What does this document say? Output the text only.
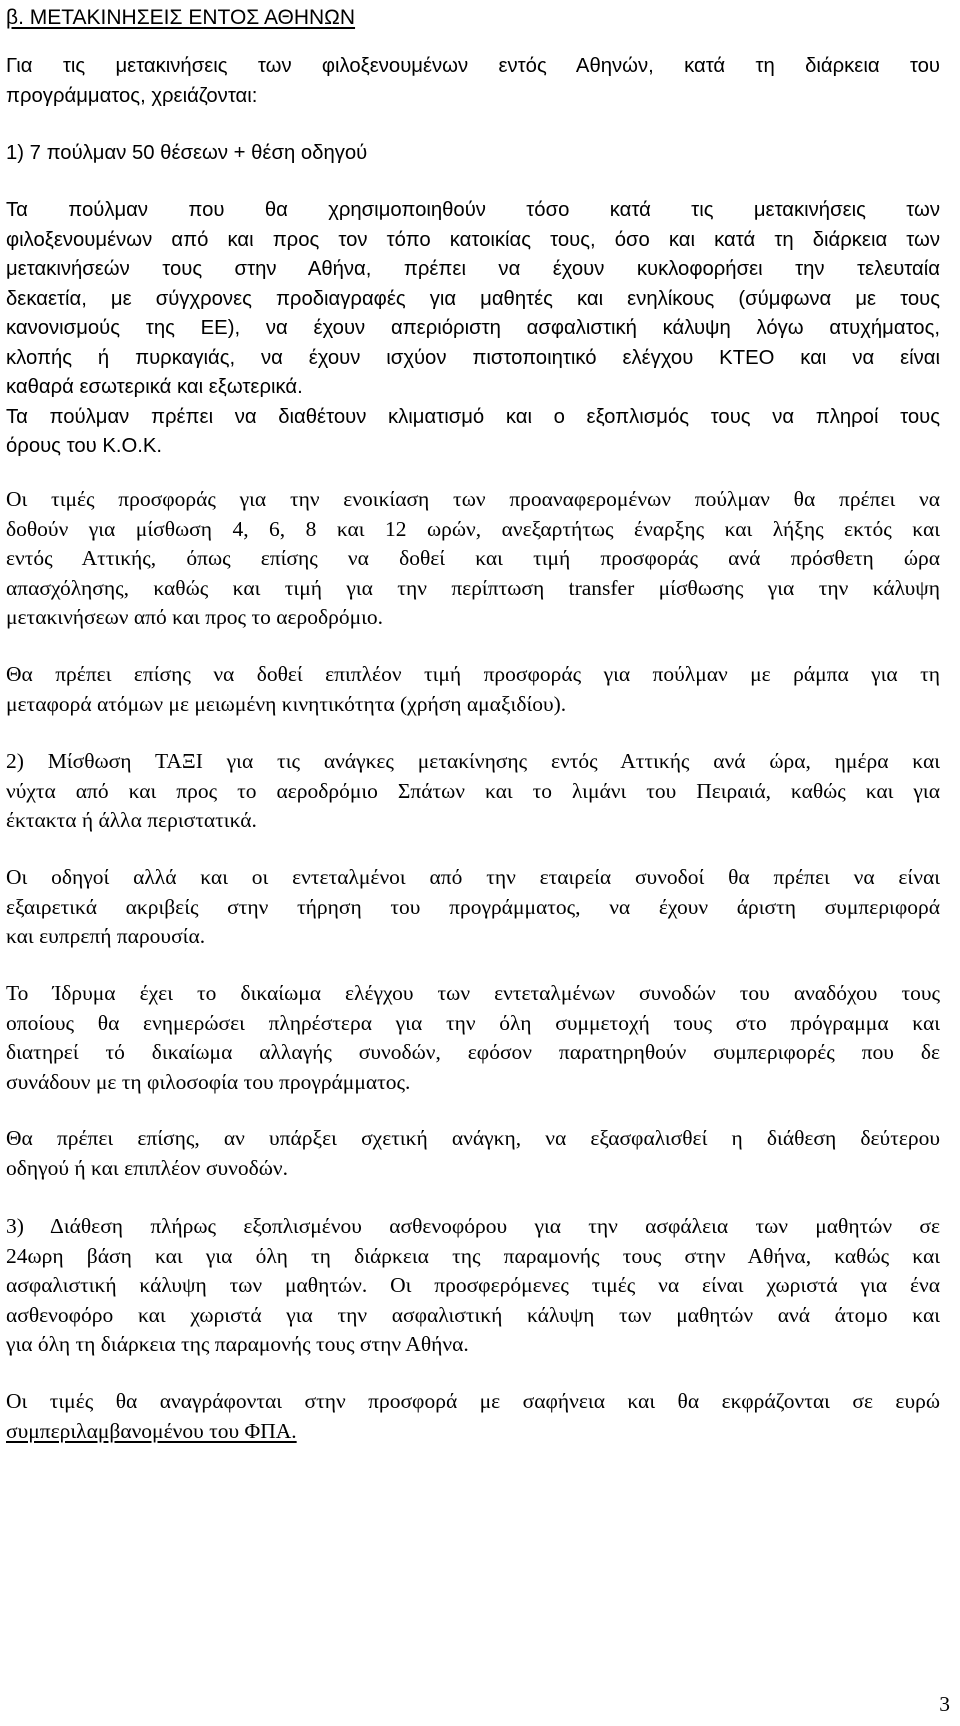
β. ΜΕΤΑΚΙΝΗΣΕΙΣ ΕΝΤΟΣ ΑΘΗΝΩΝ
Για τις μετακινήσεις των φιλοξενουμένων εντός Αθηνών, κατά τη διάρκεια του
προγράμματος, χρειάζονται:
1) 7 πούλμαν 50 θέσεων + θέση οδηγού
Τα πούλμαν που θα χρησιμοποιηθούν τόσο κατά τις μετακινήσεις των
φιλοξενουμένων από και προς τον τόπο κατοικίας τους, όσο και κατά τη διάρκεια των
μετακινήσεών τους στην Αθήνα, πρέπει να έχουν κυκλοφορήσει την τελευταία
δεκαετία, με σύγχρονες προδιαγραφές για μαθητές και ενηλίκους (σύμφωνα με τους
κανονισμούς της ΕΕ), να έχουν απεριόριστη ασφαλιστική κάλυψη λόγω ατυχήματος,
κλοπής ή πυρκαγιάς, να έχουν ισχύον πιστοποιητικό ελέγχου ΚΤΕΟ και να είναι
καθαρά εσωτερικά και εξωτερικά.
Τα πούλμαν πρέπει να διαθέτουν κλιματισμό και ο εξοπλισμός τους να πληροί τους
όρους του Κ.Ο.Κ.
Οι τιμές προσφοράς για την ενοικίαση των προαναφερομένων πούλμαν θα πρέπει να
δοθούν για μίσθωση 4, 6, 8 και 12 ωρών, ανεξαρτήτως έναρξης και λήξης εκτός και
εντός Αττικής, όπως επίσης να δοθεί και τιμή προσφοράς ανά πρόσθετη ώρα
απασχόλησης, καθώς και τιμή για την περίπτωση transfer μίσθωσης για την κάλυψη
μετακινήσεων από και προς το αεροδρόμιο.
Θα πρέπει επίσης να δοθεί επιπλέον τιμή προσφοράς για πούλμαν με ράμπα για τη
μεταφορά ατόμων με μειωμένη κινητικότητα (χρήση αμαξιδίου).
2) Μίσθωση ΤΑΞΙ για τις ανάγκες μετακίνησης εντός Αττικής ανά ώρα, ημέρα και
νύχτα από και προς το αεροδρόμιο Σπάτων και το λιμάνι του Πειραιά, καθώς και για
έκτακτα ή άλλα περιστατικά.
Οι οδηγοί αλλά και οι εντεταλμένοι από την εταιρεία συνοδοί θα πρέπει να είναι
εξαιρετικά ακριβείς στην τήρηση του προγράμματος, να έχουν άριστη συμπεριφορά
και ευπρεπή παρουσία.
Το Ίδρυμα έχει το δικαίωμα ελέγχου των εντεταλμένων συνοδών του αναδόχου τους
οποίους θα ενημερώσει πληρέστερα για την όλη συμμετοχή τους στο πρόγραμμα και
διατηρεί τό δικαίωμα αλλαγής συνοδών, εφόσον παρατηρηθούν συμπεριφορές που δε
συνάδουν με τη φιλοσοφία του προγράμματος.
Θα πρέπει επίσης, αν υπάρξει σχετική ανάγκη, να εξασφαλισθεί η διάθεση δεύτερου
οδηγού ή και επιπλέον συνοδών.
3) Διάθεση πλήρως εξοπλισμένου ασθενοφόρου για την ασφάλεια των μαθητών σε
24ωρη βάση και για όλη τη διάρκεια της παραμονής τους στην Αθήνα, καθώς και
ασφαλιστική κάλυψη των μαθητών. Οι προσφερόμενες τιμές να είναι χωριστά για ένα
ασθενοφόρο και χωριστά για την ασφαλιστική κάλυψη των μαθητών ανά άτομο και
για όλη τη διάρκεια της παραμονής τους στην Αθήνα.
Οι τιμές θα αναγράφονται στην προσφορά με σαφήνεια και θα εκφράζονται σε ευρώ
συμπεριλαμβανομένου του ΦΠΑ.
3
